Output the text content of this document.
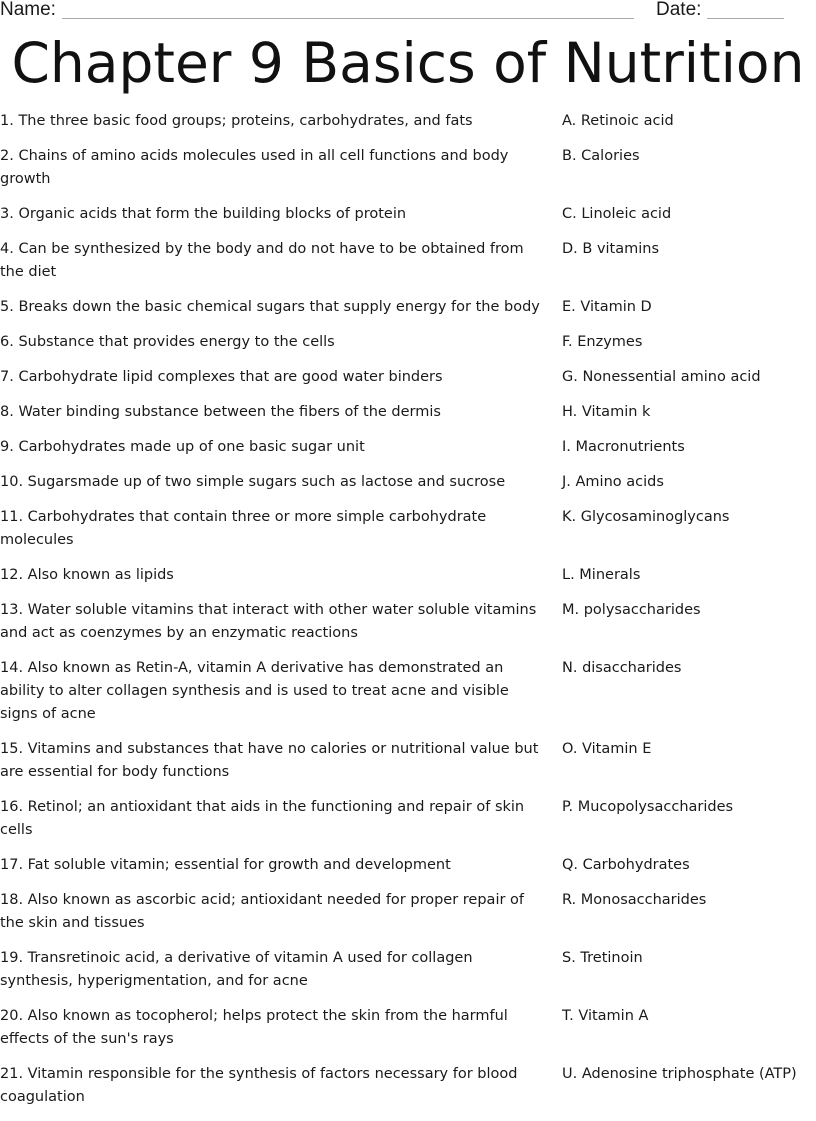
Name:	Date:
Chapter 9 Basics of Nutrition
1. The three basic food groups; proteins, carbohydrates, and fats	A. Retinoic acid
2. Chains of amino acids molecules used in all cell functions and body growth
B. Calories
3. Organic acids that form the building blocks of protein	C. Linoleic acid
4. Can be synthesized by the body and do not have to be obtained from the diet
D. B vitamins
5. Breaks down the basic chemical sugars that supply energy for the body	E. Vitamin D
6. Substance that provides energy to the cells	F. Enzymes
7. Carbohydrate lipid complexes that are good water binders	G. Nonessential amino acid
8. Water binding substance between the fibers of the dermis	H. Vitamin k
9. Carbohydrates made up of one basic sugar unit	I. Macronutrients
10. Sugarsmade up of two simple sugars such as lactose and sucrose	J. Amino acids
11. Carbohydrates that contain three or more simple carbohydrate molecules
K. Glycosaminoglycans
12. Also known as lipids	L. Minerals
13. Water soluble vitamins that interact with other water soluble vitamins and act as coenzymes by an enzymatic reactions
M. polysaccharides
14. Also known as Retin-A, vitamin A derivative has demonstrated an ability to alter collagen synthesis and is used to treat acne and visible signs of acne
N. disaccharides
15. Vitamins and substances that have no calories or nutritional value but are essential for body functions
O. Vitamin E
16. Retinol; an antioxidant that aids in the functioning and repair of skin cells
P. Mucopolysaccharides
17. Fat soluble vitamin; essential for growth and development	Q. Carbohydrates
18. Also known as ascorbic acid; antioxidant needed for proper repair of the skin and tissues
R. Monosaccharides
19. Transretinoic acid, a derivative of vitamin A used for collagen synthesis, hyperigmentation, and for acne
S. Tretinoin
20. Also known as tocopherol; helps protect the skin from the harmful effects of the sun's rays
T. Vitamin A
21. Vitamin responsible for the synthesis of factors necessary for blood coagulation
U. Adenosine triphosphate (ATP)
